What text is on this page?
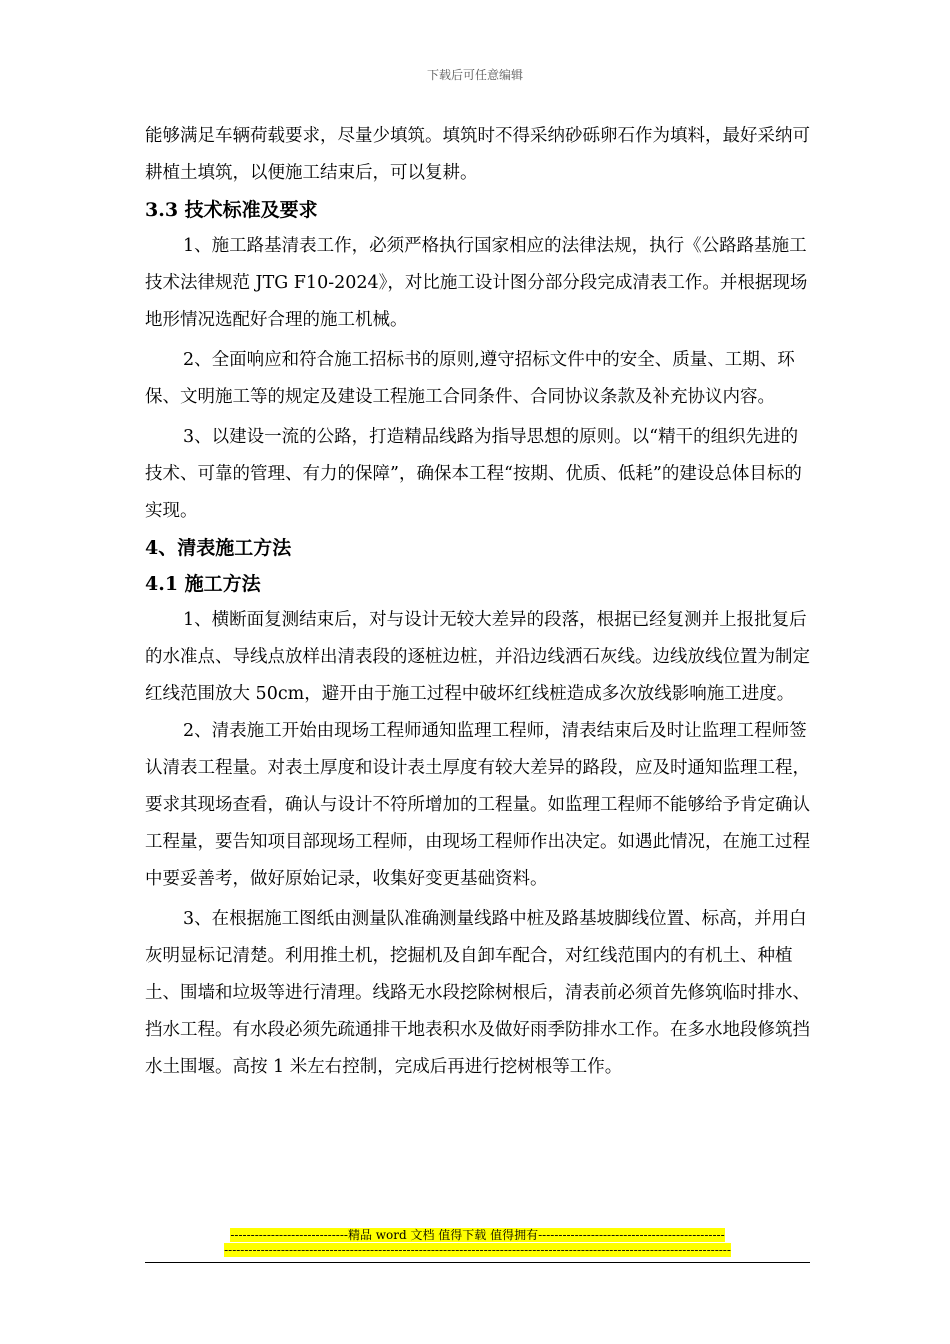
下载后可任意编辑

能够满足车辆荷载要求，尽量少填筑。填筑时不得采纳砂砾卵石作为填料，最好采纳可耕植土填筑，以便施工结束后，可以复耕。

3.3 技术标准及要求

1、施工路基清表工作，必须严格执行国家相应的法律法规，执行《公路路基施工技术法律规范 JTG F10-2024》，对比施工设计图分部分段完成清表工作。并根据现场地形情况选配好合理的施工机械。

2、全面响应和符合施工招标书的原则,遵守招标文件中的安全、质量、工期、环保、文明施工等的规定及建设工程施工合同条件、合同协议条款及补充协议内容。

3、以建设一流的公路，打造精品线路为指导思想的原则。以“精干的组织先进的技术、可靠的管理、有力的保障”，确保本工程“按期、优质、低耗”的建设总体目标的实现。

4、清表施工方法
4.1 施工方法

1、横断面复测结束后，对与设计无较大差异的段落，根据已经复测并上报批复后的水准点、导线点放样出清表段的逐桩边桩，并沿边线洒石灰线。边线放线位置为制定红线范围放大 50cm，避开由于施工过程中破坏红线桩造成多次放线影响施工进度。

2、清表施工开始由现场工程师通知监理工程师，清表结束后及时让监理工程师签认清表工程量。对表土厚度和设计表土厚度有较大差异的路段，应及时通知监理工程，要求其现场查看，确认与设计不符所增加的工程量。如监理工程师不能够给予肯定确认工程量，要告知项目部现场工程师，由现场工程师作出决定。如遇此情况，在施工过程中要妥善考，做好原始记录，收集好变更基础资料。

3、在根据施工图纸由测量队准确测量线路中桩及路基坡脚线位置、标高，并用白灰明显标记清楚。利用推土机，挖掘机及自卸车配合，对红线范围内的有机土、种植土、围墙和垃圾等进行清理。线路无水段挖除树根后，清表前必须首先修筑临时排水、挡水工程。有水段必须先疏通排干地表积水及做好雨季防排水工作。在多水地段修筑挡水土围堰。高按 1 米左右控制，完成后再进行挖树根等工作。

-----------------------------精品 word 文档 值得下载 值得拥有----------------------------------------------
-----------------------------------------------------------------------------------------------------------------------------
